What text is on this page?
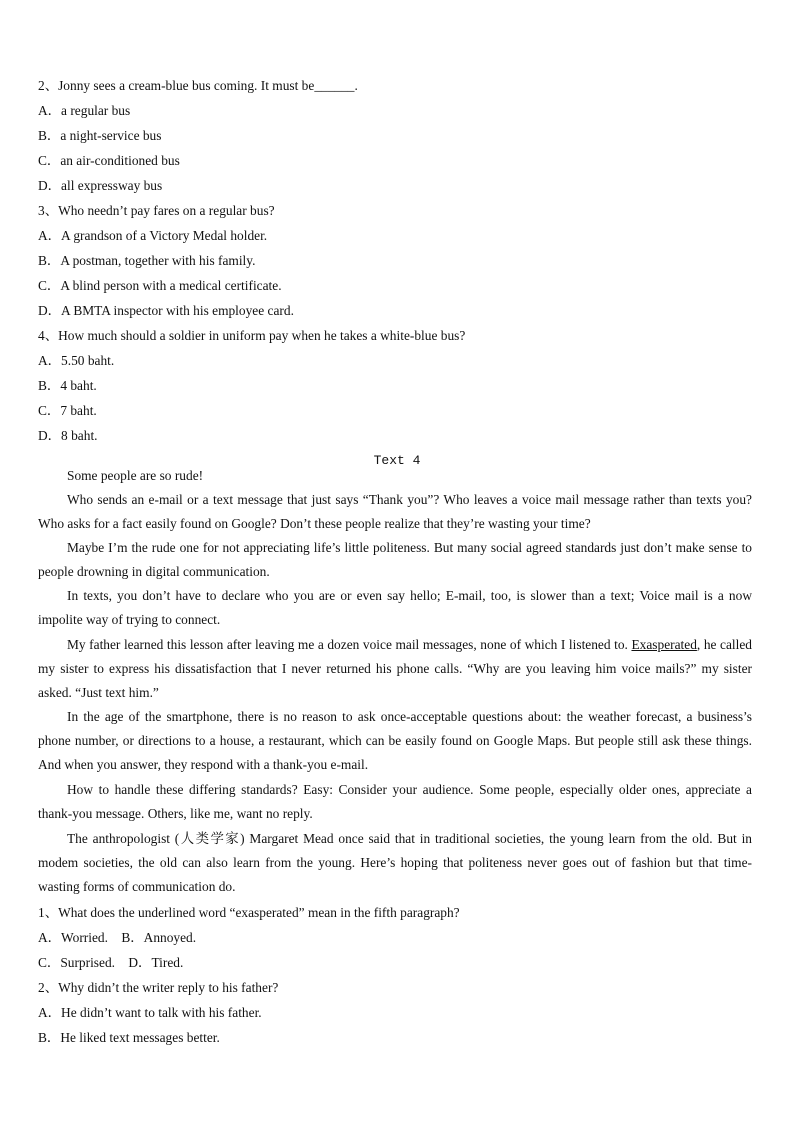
2、Jonny sees a cream-blue bus coming. It must be______.
A．a regular bus
B．a night-service bus
C．an air-conditioned bus
D．all expressway bus
3、Who needn’t pay fares on a regular bus?
A．A grandson of a Victory Medal holder.
B．A postman, together with his family.
C．A blind person with a medical certificate.
D．A BMTA inspector with his employee card.
4、How much should a soldier in uniform pay when he takes a white-blue bus?
A．5.50 baht.
B．4 baht.
C．7 baht.
D．8 baht.
Text 4

Some people are so rude!

Who sends an e-mail or a text message that just says “Thank you”? Who leaves a voice mail message rather than texts you? Who asks for a fact easily found on Google? Don’t these people realize that they’re wasting your time?

Maybe I’m the rude one for not appreciating life’s little politeness. But many social agreed standards just don’t make sense to people drowning in digital communication.

In texts, you don’t have to declare who you are or even say hello; E-mail, too, is slower than a text; Voice mail is a now impolite way of trying to connect.

My father learned this lesson after leaving me a dozen voice mail messages, none of which I listened to. Exasperated, he called my sister to express his dissatisfaction that I never returned his phone calls. “Why are you leaving him voice mails?” my sister asked. “Just text him.”

In the age of the smartphone, there is no reason to ask once-acceptable questions about: the weather forecast, a business’s phone number, or directions to a house, a restaurant, which can be easily found on Google Maps. But people still ask these things. And when you answer, they respond with a thank-you e-mail.

How to handle these differing standards? Easy: Consider your audience. Some people, especially older ones, appreciate a thank-you message. Others, like me, want no reply.

The anthropologist (人类学家) Margaret Mead once said that in traditional societies, the young learn from the old. But in modem societies, the old can also learn from the young. Here’s hoping that politeness never goes out of fashion but that time-wasting forms of communication do.

1、What does the underlined word “exasperated” mean in the fifth paragraph?
A．Worried.    B．Annoyed.
C．Surprised.    D．Tired.
2、Why didn’t the writer reply to his father?
A．He didn’t want to talk with his father.
B．He liked text messages better.
